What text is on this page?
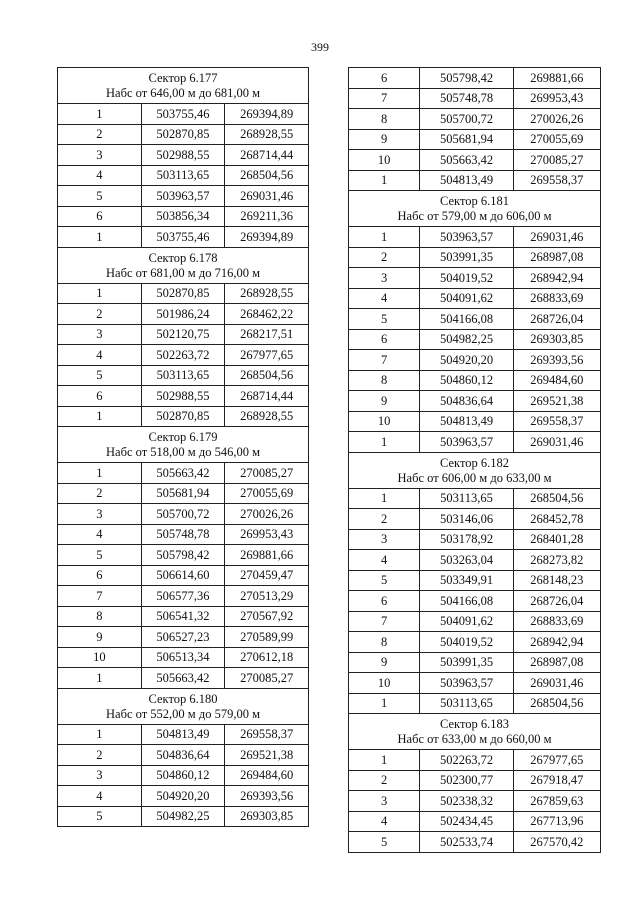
399
Сектор 6.177
Набс от 646,00 м до 681,00 м		

1	503755,46	269394,89
2	502870,85	268928,55
3	502988,55	268714,44
4	503113,65	268504,56
5	503963,57	269031,46
6	503856,34	269211,36
1	503755,46	269394,89

Сектор 6.178
Набс от 681,00 м до 716,00 м		

1	502870,85	268928,55
2	501986,24	268462,22
3	502120,75	268217,51
4	502263,72	267977,65
5	503113,65	268504,56
6	502988,55	268714,44
1	502870,85	268928,55

Сектор 6.179
Набс от 518,00 м до 546,00 м		

1	505663,42	270085,27
2	505681,94	270055,69
3	505700,72	270026,26
4	505748,78	269953,43
5	505798,42	269881,66
6	506614,60	270459,47
7	506577,36	270513,29
8	506541,32	270567,92
9	506527,23	270589,99
10	506513,34	270612,18
1	505663,42	270085,27

Сектор 6.180
Набс от 552,00 м до 579,00 м		

1	504813,49	269558,37
2	504836,64	269521,38
3	504860,12	269484,60
4	504920,20	269393,56
5	504982,25	269303,85
6	505798,42	269881,66
7	505748,78	269953,43
8	505700,72	270026,26
9	505681,94	270055,69
10	505663,42	270085,27
1	504813,49	269558,37

Сектор 6.181
Набс от 579,00 м до 606,00 м		

1	503963,57	269031,46
2	503991,35	268987,08
3	504019,52	268942,94
4	504091,62	268833,69
5	504166,08	268726,04
6	504982,25	269303,85
7	504920,20	269393,56
8	504860,12	269484,60
9	504836,64	269521,38
10	504813,49	269558,37
1	503963,57	269031,46

Сектор 6.182
Набс от 606,00 м до 633,00 м		

1	503113,65	268504,56
2	503146,06	268452,78
3	503178,92	268401,28
4	503263,04	268273,82
5	503349,91	268148,23
6	504166,08	268726,04
7	504091,62	268833,69
8	504019,52	268942,94
9	503991,35	268987,08
10	503963,57	269031,46
1	503113,65	268504,56

Сектор 6.183
Набс от 633,00 м до 660,00 м		

1	502263,72	267977,65
2	502300,77	267918,47
3	502338,32	267859,63
4	502434,45	267713,96
5	502533,74	267570,42
